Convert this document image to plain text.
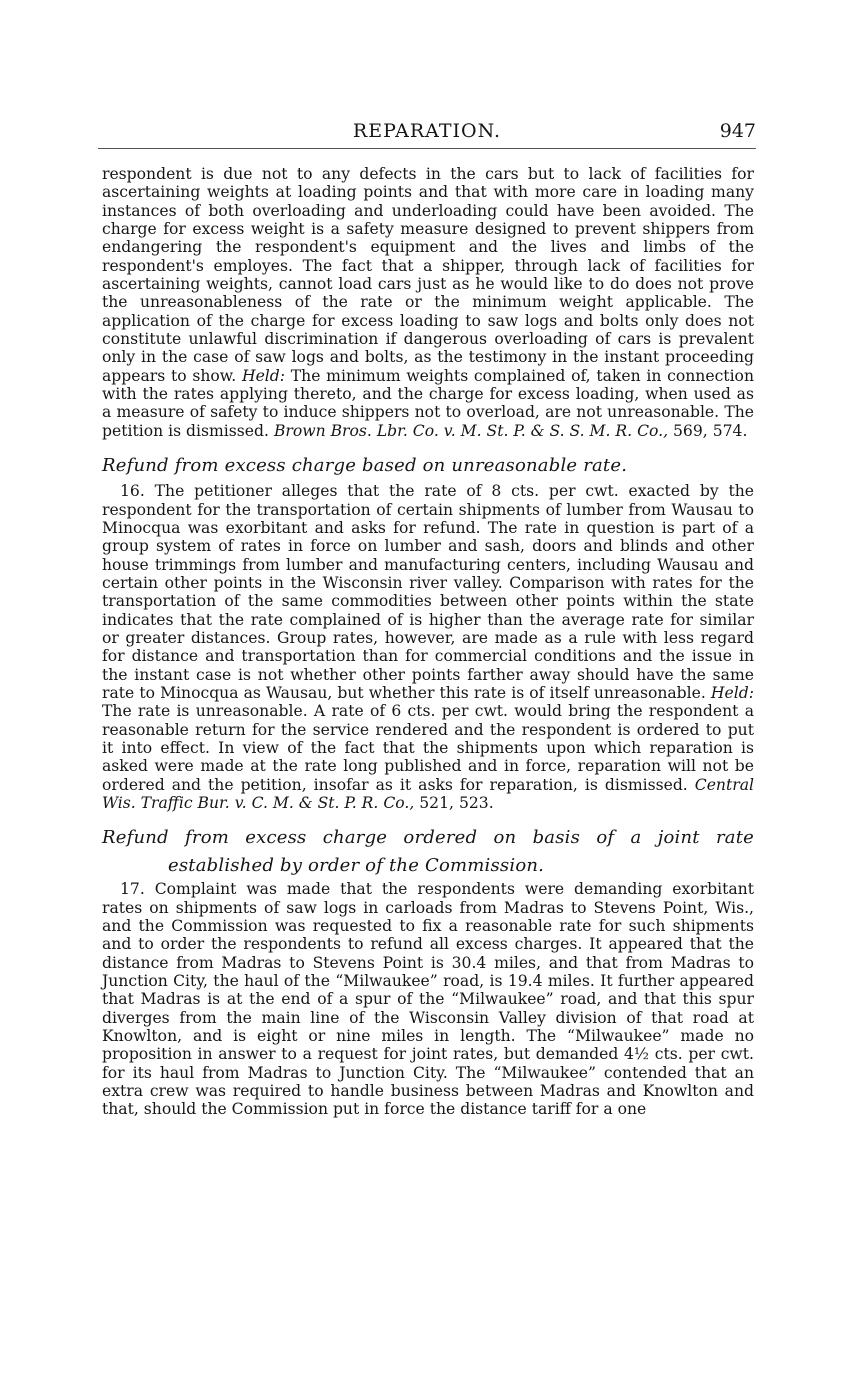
REPARATION.	947

respondent is due not to any defects in the cars but to lack of facilities for ascertaining weights at loading points and that with more care in loading many instances of both overloading and underloading could have been avoided. The charge for excess weight is a safety measure designed to prevent shippers from endangering the respondent's equipment and the lives and limbs of the respondent's employes. The fact that a shipper, through lack of facilities for ascertaining weights, cannot load cars just as he would like to do does not prove the unreasonableness of the rate or the minimum weight applicable. The application of the charge for excess loading to saw logs and bolts only does not constitute unlawful discrimination if dangerous overloading of cars is prevalent only in the case of saw logs and bolts, as the testimony in the instant proceeding appears to show. Held: The minimum weights complained of, taken in connection with the rates applying thereto, and the charge for excess loading, when used as a measure of safety to induce shippers not to overload, are not unreasonable. The petition is dismissed. Brown Bros. Lbr. Co. v. M. St. P. & S. S. M. R. Co., 569, 574.

Refund from excess charge based on unreasonable rate.

16. The petitioner alleges that the rate of 8 cts. per cwt. exacted by the respondent for the transportation of certain shipments of lumber from Wausau to Minocqua was exorbitant and asks for refund. The rate in question is part of a group system of rates in force on lumber and sash, doors and blinds and other house trimmings from lumber and manufacturing centers, including Wausau and certain other points in the Wisconsin river valley. Comparison with rates for the transportation of the same commodities between other points within the state indicates that the rate complained of is higher than the average rate for similar or greater distances. Group rates, however, are made as a rule with less regard for distance and transportation than for commercial conditions and the issue in the instant case is not whether other points farther away should have the same rate to Minocqua as Wausau, but whether this rate is of itself unreasonable. Held: The rate is unreasonable. A rate of 6 cts. per cwt. would bring the respondent a reasonable return for the service rendered and the respondent is ordered to put it into effect. In view of the fact that the shipments upon which reparation is asked were made at the rate long published and in force, reparation will not be ordered and the petition, insofar as it asks for reparation, is dismissed. Central Wis. Traffic Bur. v. C. M. & St. P. R. Co., 521, 523.

Refund from excess charge ordered on basis of a joint rate established by order of the Commission.

17. Complaint was made that the respondents were demanding exorbitant rates on shipments of saw logs in carloads from Madras to Stevens Point, Wis., and the Commission was requested to fix a reasonable rate for such shipments and to order the respondents to refund all excess charges. It appeared that the distance from Madras to Stevens Point is 30.4 miles, and that from Madras to Junction City, the haul of the “Milwaukee” road, is 19.4 miles. It further appeared that Madras is at the end of a spur of the “Milwaukee” road, and that this spur diverges from the main line of the Wisconsin Valley division of that road at Knowlton, and is eight or nine miles in length. The “Milwaukee” made no proposition in answer to a request for joint rates, but demanded 4½ cts. per cwt. for its haul from Madras to Junction City. The “Milwaukee” contended that an extra crew was required to handle business between Madras and Knowlton and that, should the Commission put in force the distance tariff for a one
